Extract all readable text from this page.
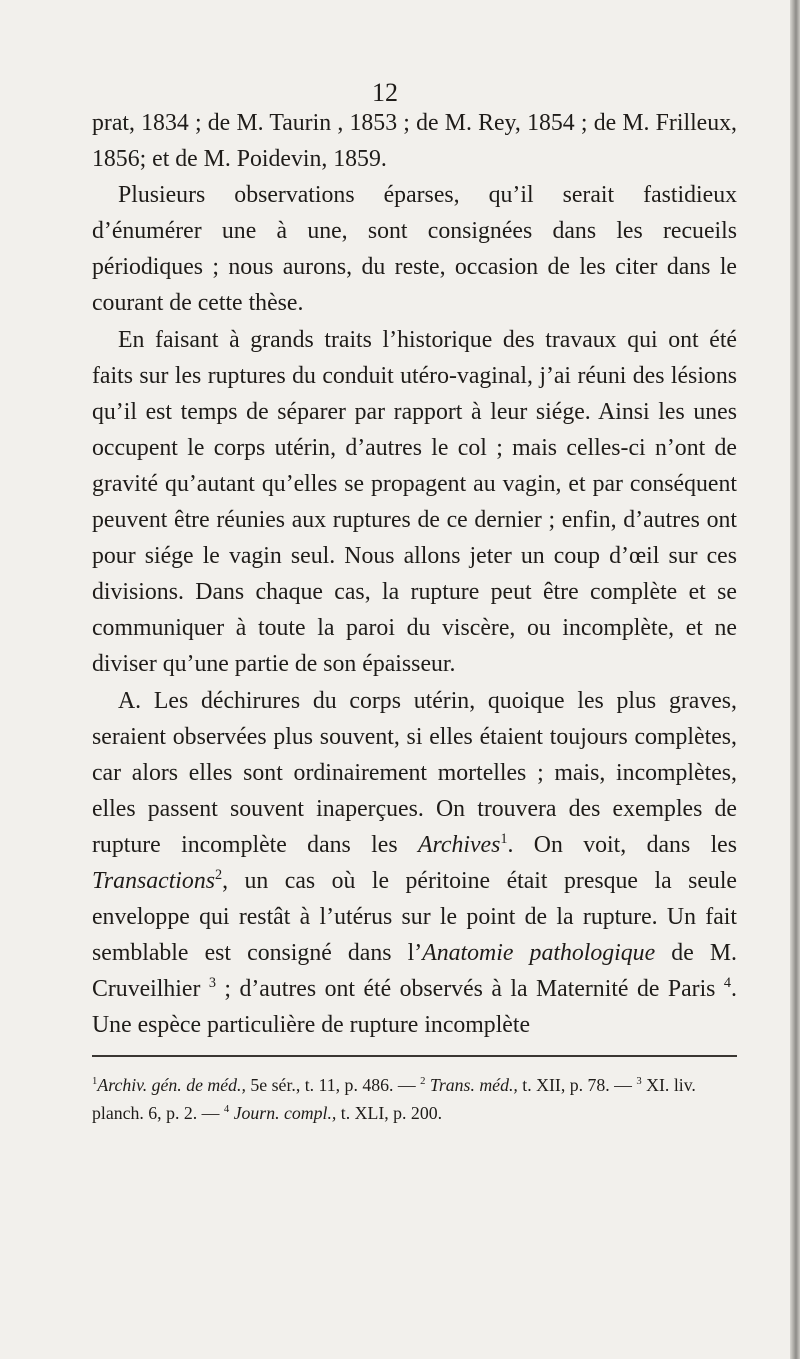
12

prat, 1834 ; de M. Taurin , 1853 ; de M. Rey, 1854 ; de M. Frilleux, 1856; et de M. Poidevin, 1859.

Plusieurs observations éparses, qu’il serait fastidieux d’énumérer une à une, sont consignées dans les recueils périodiques ; nous aurons, du reste, occasion de les citer dans le courant de cette thèse.

En faisant à grands traits l’historique des travaux qui ont été faits sur les ruptures du conduit utéro-vaginal, j’ai réuni des lésions qu’il est temps de séparer par rapport à leur siége. Ainsi les unes occupent le corps utérin, d’autres le col ; mais celles-ci n’ont de gravité qu’autant qu’elles se propagent au vagin, et par conséquent peuvent être réunies aux ruptures de ce dernier ; enfin, d’autres ont pour siége le vagin seul. Nous allons jeter un coup d’œil sur ces divisions. Dans chaque cas, la rupture peut être complète et se communiquer à toute la paroi du viscère, ou incomplète, et ne diviser qu’une partie de son épaisseur.

A. Les déchirures du corps utérin, quoique les plus graves, seraient observées plus souvent, si elles étaient toujours complètes, car alors elles sont ordinairement mortelles ; mais, incomplètes, elles passent souvent inaperçues. On trouvera des exemples de rupture incomplète dans les Archives$^1$. On voit, dans les Transactions$^2$, un cas où le péritoine était presque la seule enveloppe qui restât à l’utérus sur le point de la rupture. Un fait semblable est consigné dans l’Anatomie pathologique de M. Cruveilhier $^3$ ; d’autres ont été observés à la Maternité de Paris $^4$. Une espèce particulière de rupture incomplète

$^1$Archiv. gén. de méd., 5e sér., t. 11, p. 486. — $^2$ Trans. méd., t. XII, p. 78. — $^3$ XI. liv. planch. 6, p. 2. — $^4$ Journ. compl., t. XLI, p. 200.
